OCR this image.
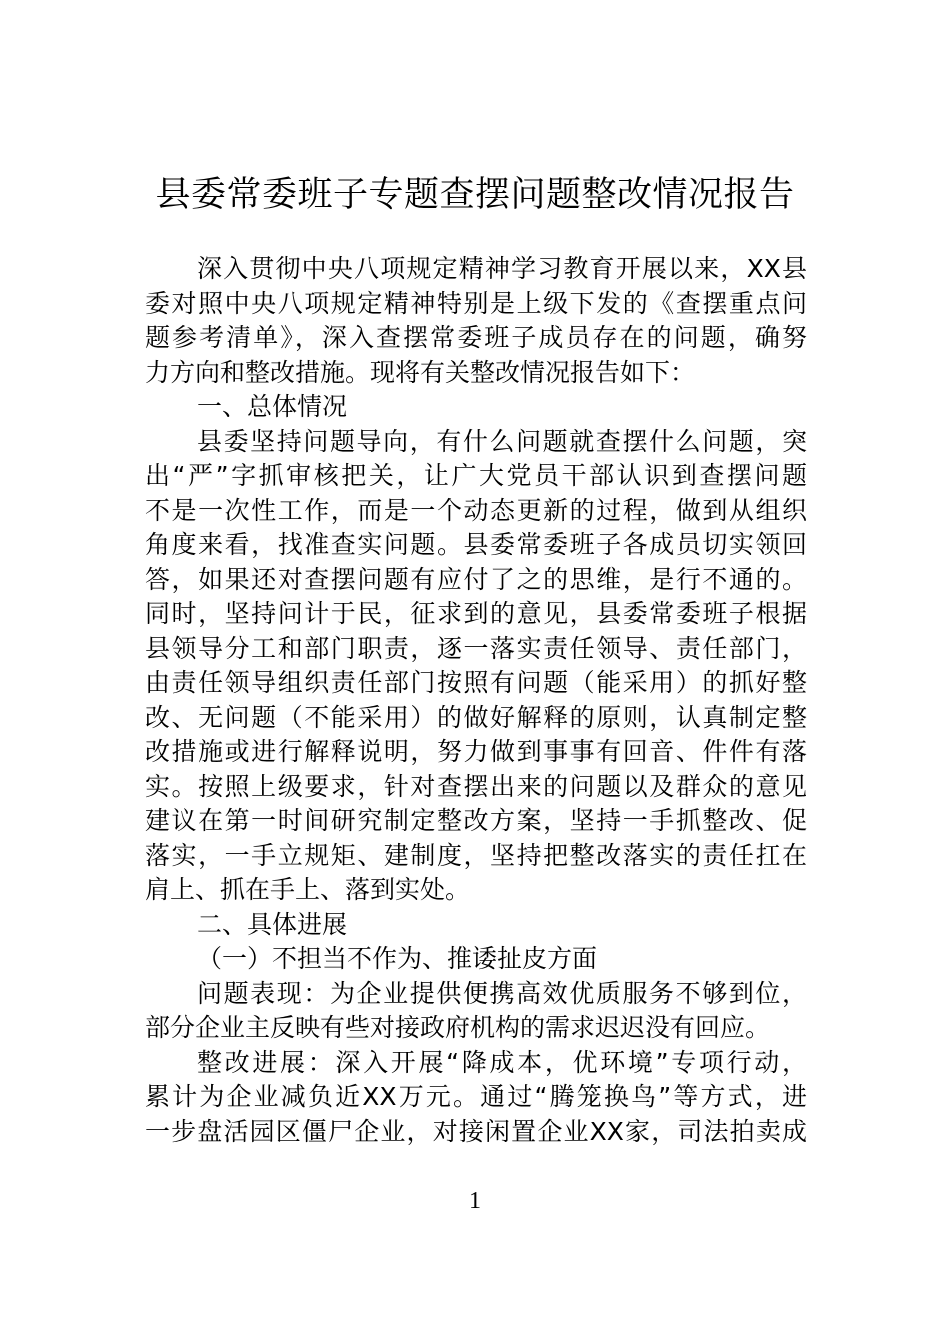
县委常委班子专题查摆问题整改情况报告
深入贯彻中央八项规定精神学习教育开展以来，XX县
委对照中央八项规定精神特别是上级下发的《查摆重点问
题参考清单》，深入查摆常委班子成员存在的问题，确努
力方向和整改措施。现将有关整改情况报告如下：
一、总体情况
县委坚持问题导向，有什么问题就查摆什么问题，突
出“严”字抓审核把关，让广大党员干部认识到查摆问题
不是一次性工作，而是一个动态更新的过程，做到从组织
角度来看，找准查实问题。县委常委班子各成员切实领回
答，如果还对查摆问题有应付了之的思维，是行不通的。
同时，坚持问计于民，征求到的意见，县委常委班子根据
县领导分工和部门职责，逐一落实责任领导、责任部门，
由责任领导组织责任部门按照有问题（能采用）的抓好整
改、无问题（不能采用）的做好解释的原则，认真制定整
改措施或进行解释说明，努力做到事事有回音、件件有落
实。按照上级要求，针对查摆出来的问题以及群众的意见
建议在第一时间研究制定整改方案，坚持一手抓整改、促
落实，一手立规矩、建制度，坚持把整改落实的责任扛在
肩上、抓在手上、落到实处。
二、具体进展
（一）不担当不作为、推诿扯皮方面
问题表现：为企业提供便携高效优质服务不够到位，
部分企业主反映有些对接政府机构的需求迟迟没有回应。
整改进展：深入开展“降成本，优环境”专项行动，
累计为企业减负近XX万元。通过“腾笼换鸟”等方式，进
一步盘活园区僵尸企业，对接闲置企业XX家，司法拍卖成
1
